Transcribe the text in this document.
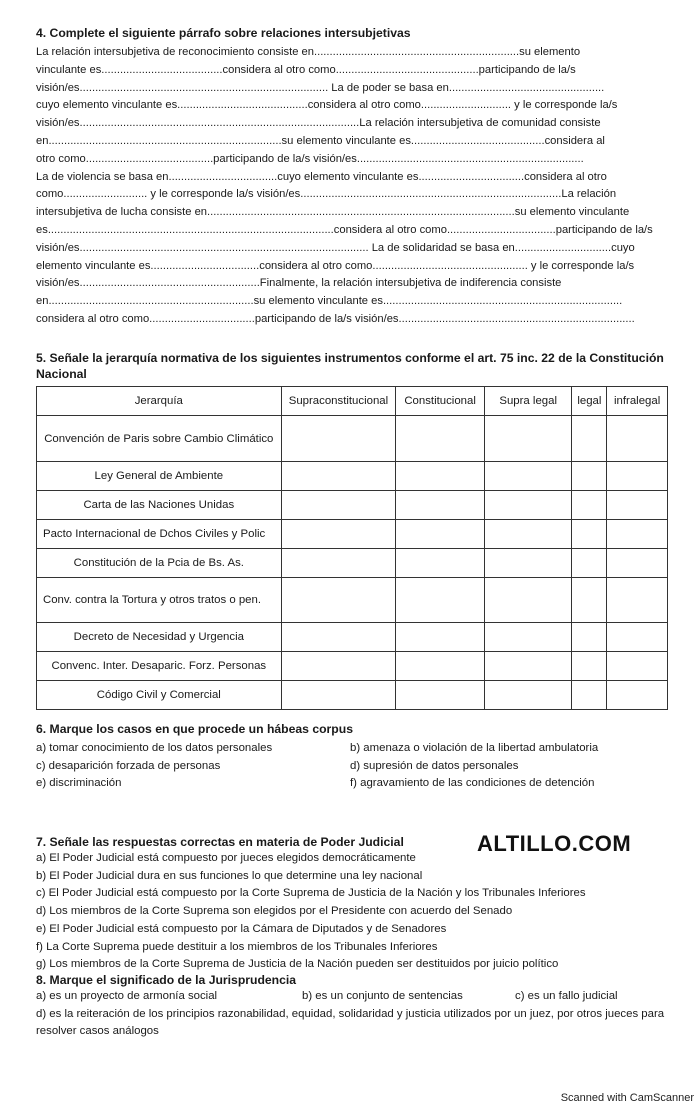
4. Complete el siguiente párrafo sobre relaciones intersubjetivas

La relación intersubjetiva de reconocimiento consiste en..................................................................su elemento
vinculante es.......................................considera al otro como..............................................participando de la/s
visión/es................................................................................ La de poder se basa en..................................................
cuyo elemento vinculante es..........................................considera al otro como............................. y le corresponde la/s
visión/es..........................................................................................La relación intersubjetiva de comunidad consiste
en...........................................................................su elemento vinculante es...........................................considera al
otro como.........................................participando de la/s visión/es.........................................................................
La de violencia se basa en...................................cuyo elemento vinculante es..................................considera al otro
como........................... y le corresponde la/s visión/es....................................................................................La relación
intersubjetiva de lucha consiste en...................................................................................................su elemento vinculante
es............................................................................................considera al otro como...................................participando de la/s
visión/es............................................................................................. La de solidaridad se basa en...............................cuyo
elemento vinculante es...................................considera al otro como.................................................. y le corresponde la/s
visión/es..........................................................Finalmente, la relación intersubjetiva de indiferencia consiste
en..................................................................su elemento vinculante es.............................................................................
considera al otro como..................................participando de la/s visión/es............................................................................

5. Señale la jerarquía normativa de los siguientes instrumentos conforme el art. 75 inc. 22 de la Constitución Nacional

Jerarquía	Supraconstitucional	Constitucional	Supra legal	legal	infralegal
Convención de Paris sobre Cambio Climático					
Ley General de Ambiente					
Carta de las Naciones Unidas					
Pacto Internacional de Dchos Civiles y Polic					
Constitución de la Pcia de Bs. As.					
Conv. contra la Tortura y otros tratos o pen.					
Decreto de Necesidad y Urgencia					
Convenc. Inter. Desaparic. Forz. Personas					
Código Civil y Comercial					

6. Marque los casos en que procede un hábeas corpus

a) tomar conocimiento de los datos personales	b) amenaza o violación de la libertad ambulatoria
c) desaparición forzada de personas	d) supresión de datos personales
e) discriminación	f) agravamiento de las condiciones de detención

7. Señale las respuestas correctas en materia de Poder Judicial	ALTILLO.COM
a) El Poder Judicial está compuesto por jueces elegidos democráticamente
b) El Poder Judicial dura en sus funciones lo que determine una ley nacional
c) El Poder Judicial está compuesto por la Corte Suprema de Justicia de la Nación y los Tribunales Inferiores
d) Los miembros de la Corte Suprema son elegidos por el Presidente con acuerdo del Senado
e) El Poder Judicial está compuesto por la Cámara de Diputados y de Senadores
f) La Corte Suprema puede destituir a los miembros de los Tribunales Inferiores
g) Los miembros de la Corte Suprema de Justicia de la Nación pueden ser destituidos por juicio político

8. Marque el significado de la Jurisprudencia

a) es un proyecto de armonía social	b) es un conjunto de sentencias	c) es un fallo judicial
d) es la reiteración de los principios razonabilidad, equidad, solidaridad y justicia utilizados por un juez, por otros jueces para resolver casos análogos
Scanned with CamScanner
